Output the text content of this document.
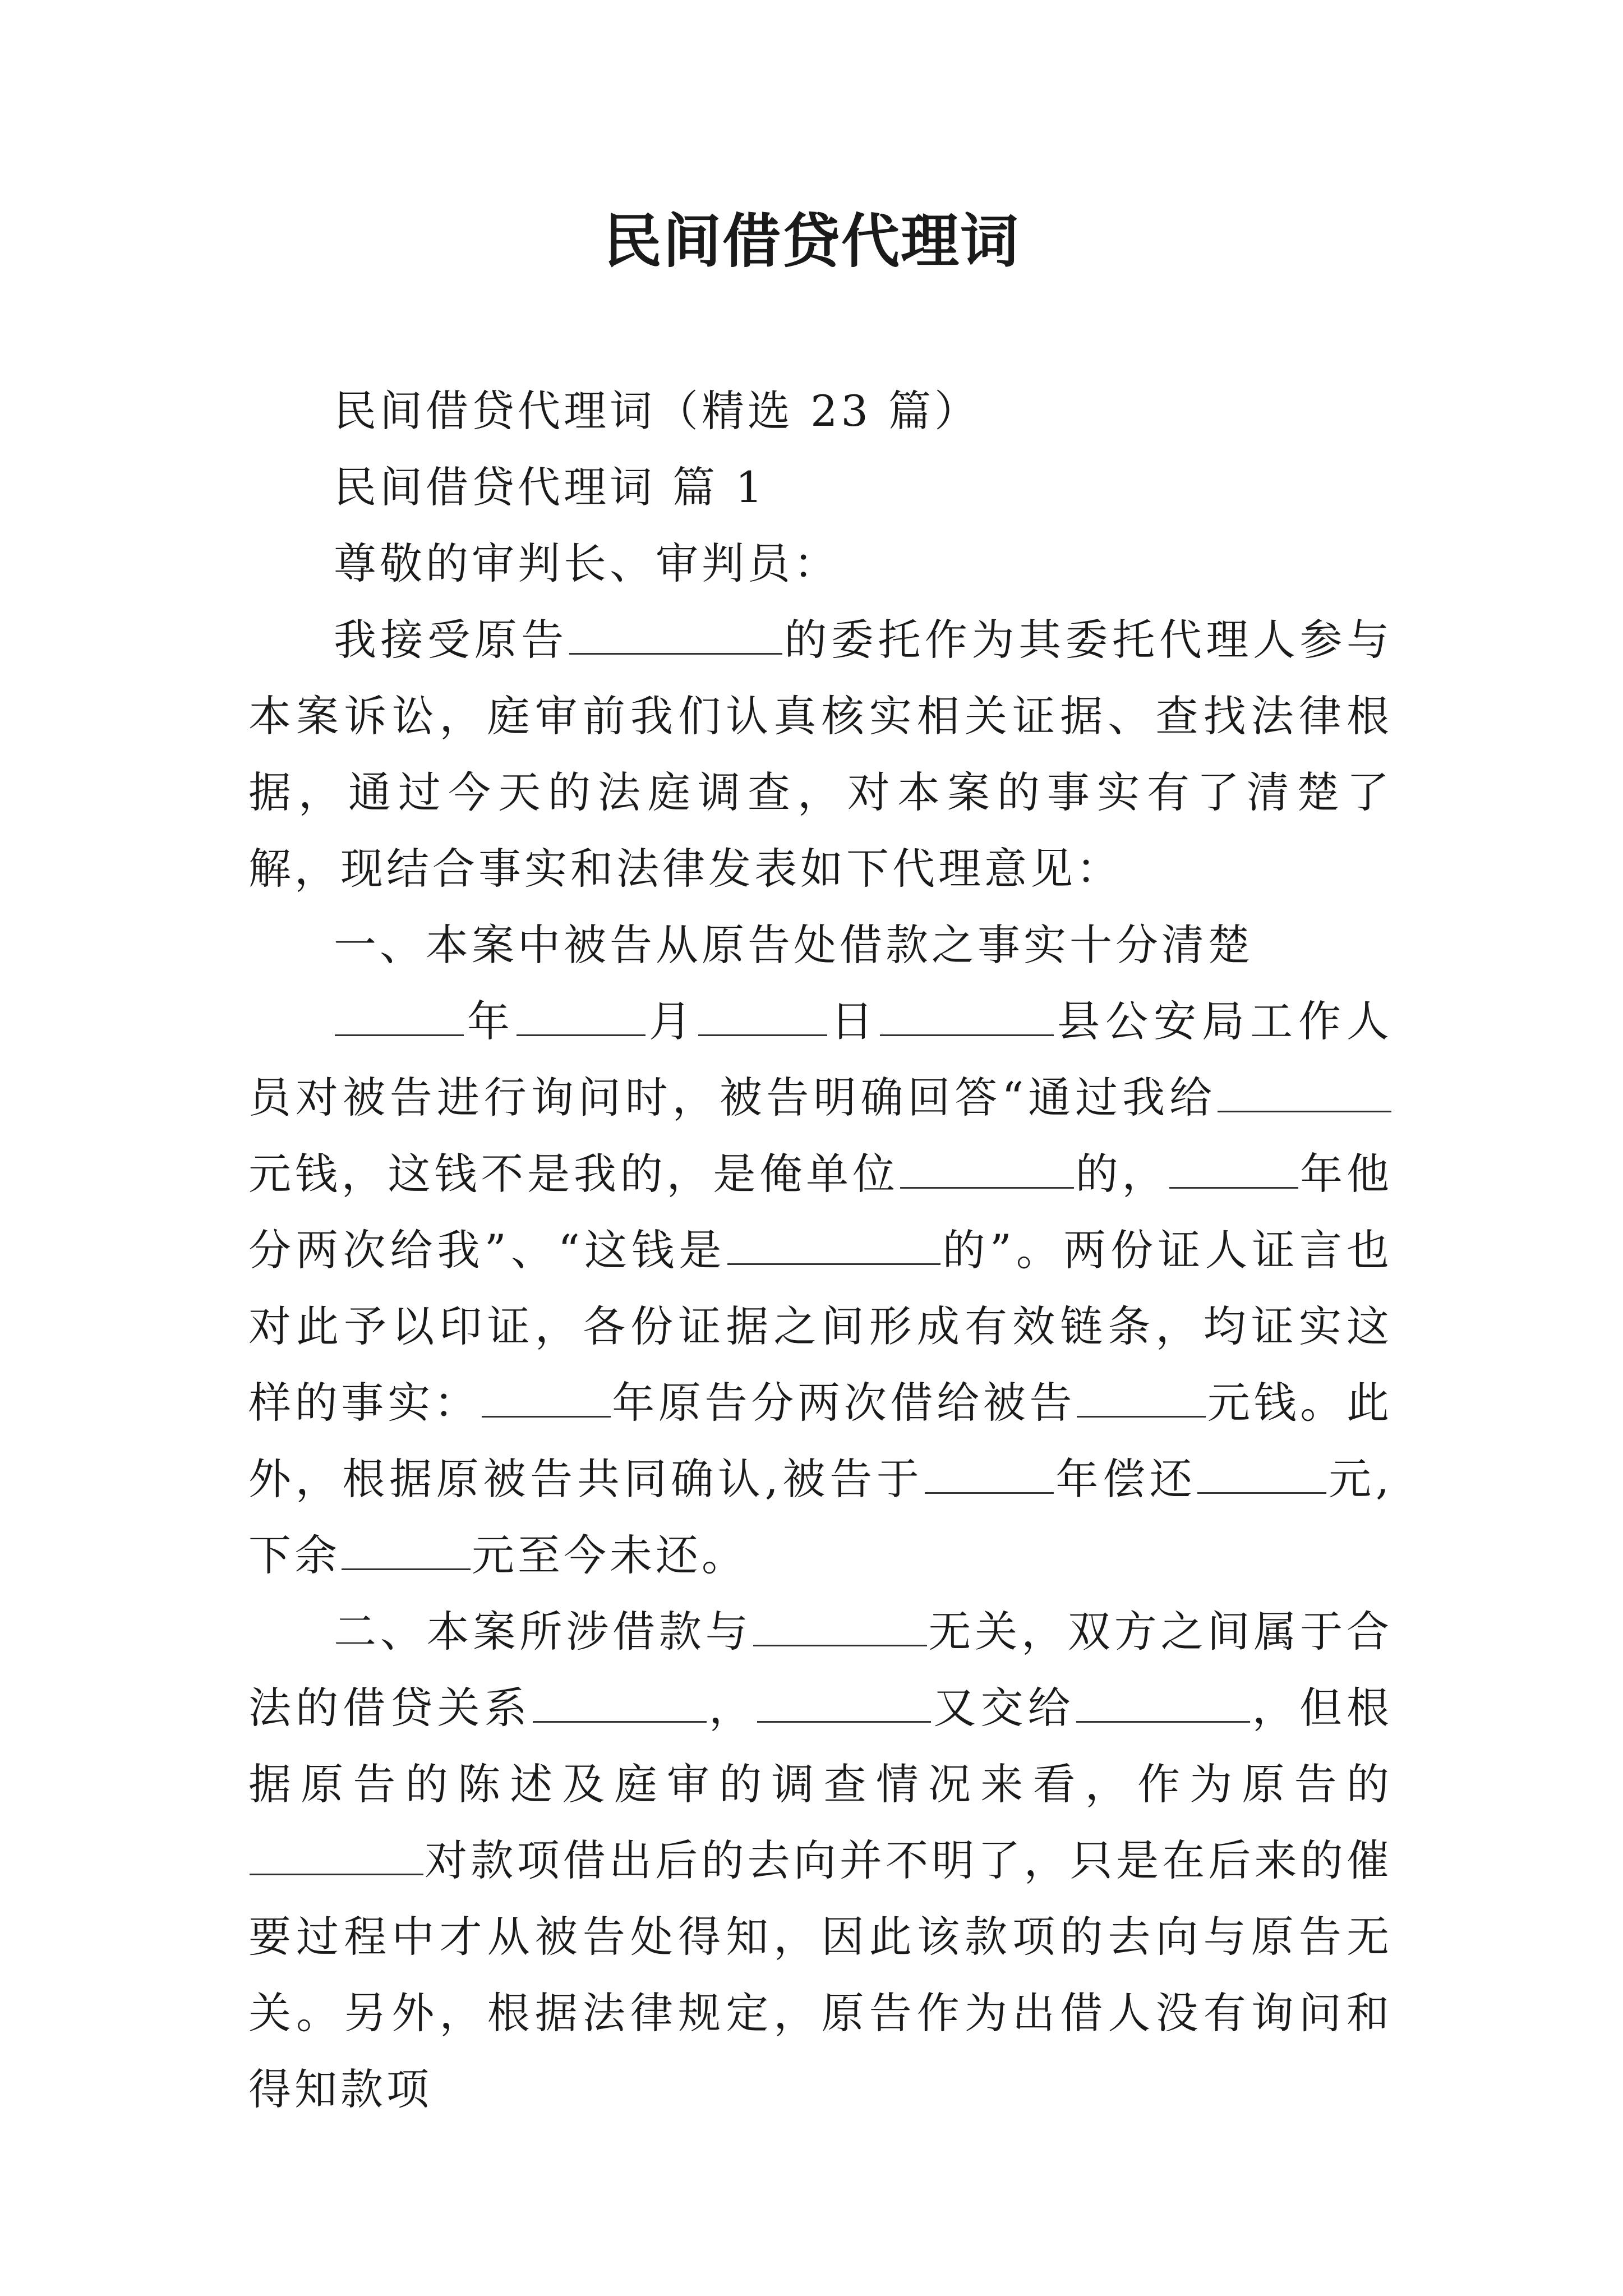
民间借贷代理词

民间借贷代理词（精选 23 篇）

民间借贷代理词 篇 1

尊敬的审判长、审判员：

我接受原告	的委托作为其委托代理人参与本案诉讼，庭审前我们认真核实相关证据、查找法律根据，通过今天的法庭调查，对本案的事实有了清楚了解，现结合事实和法律发表如下代理意见：

一、本案中被告从原告处借款之事实十分清楚

年	月	日	县公安局工作人员对被告进行询问时，被告明确回答“通过我给元钱，这钱不是我的，是俺单位	的，	年他分两次给我”、“这钱是	的”。两份证人证言也对此予以印证，各份证据之间形成有效链条，均证实这样的事实：	年原告分两次借给被告	元钱。此外，根据原被告共同确认,被告于	年偿还	元,下余	元至今未还。

二、本案所涉借款与	无关，双方之间属于合法的借贷关系	，	又交给	，但根据原告的陈述及庭审的调查情况来看，作为原告的对款项借出后的去向并不明了，只是在后来的催要过程中才从被告处得知，因此该款项的去向与原告无关。另外，根据法律规定，原告作为出借人没有询问和得知款项
